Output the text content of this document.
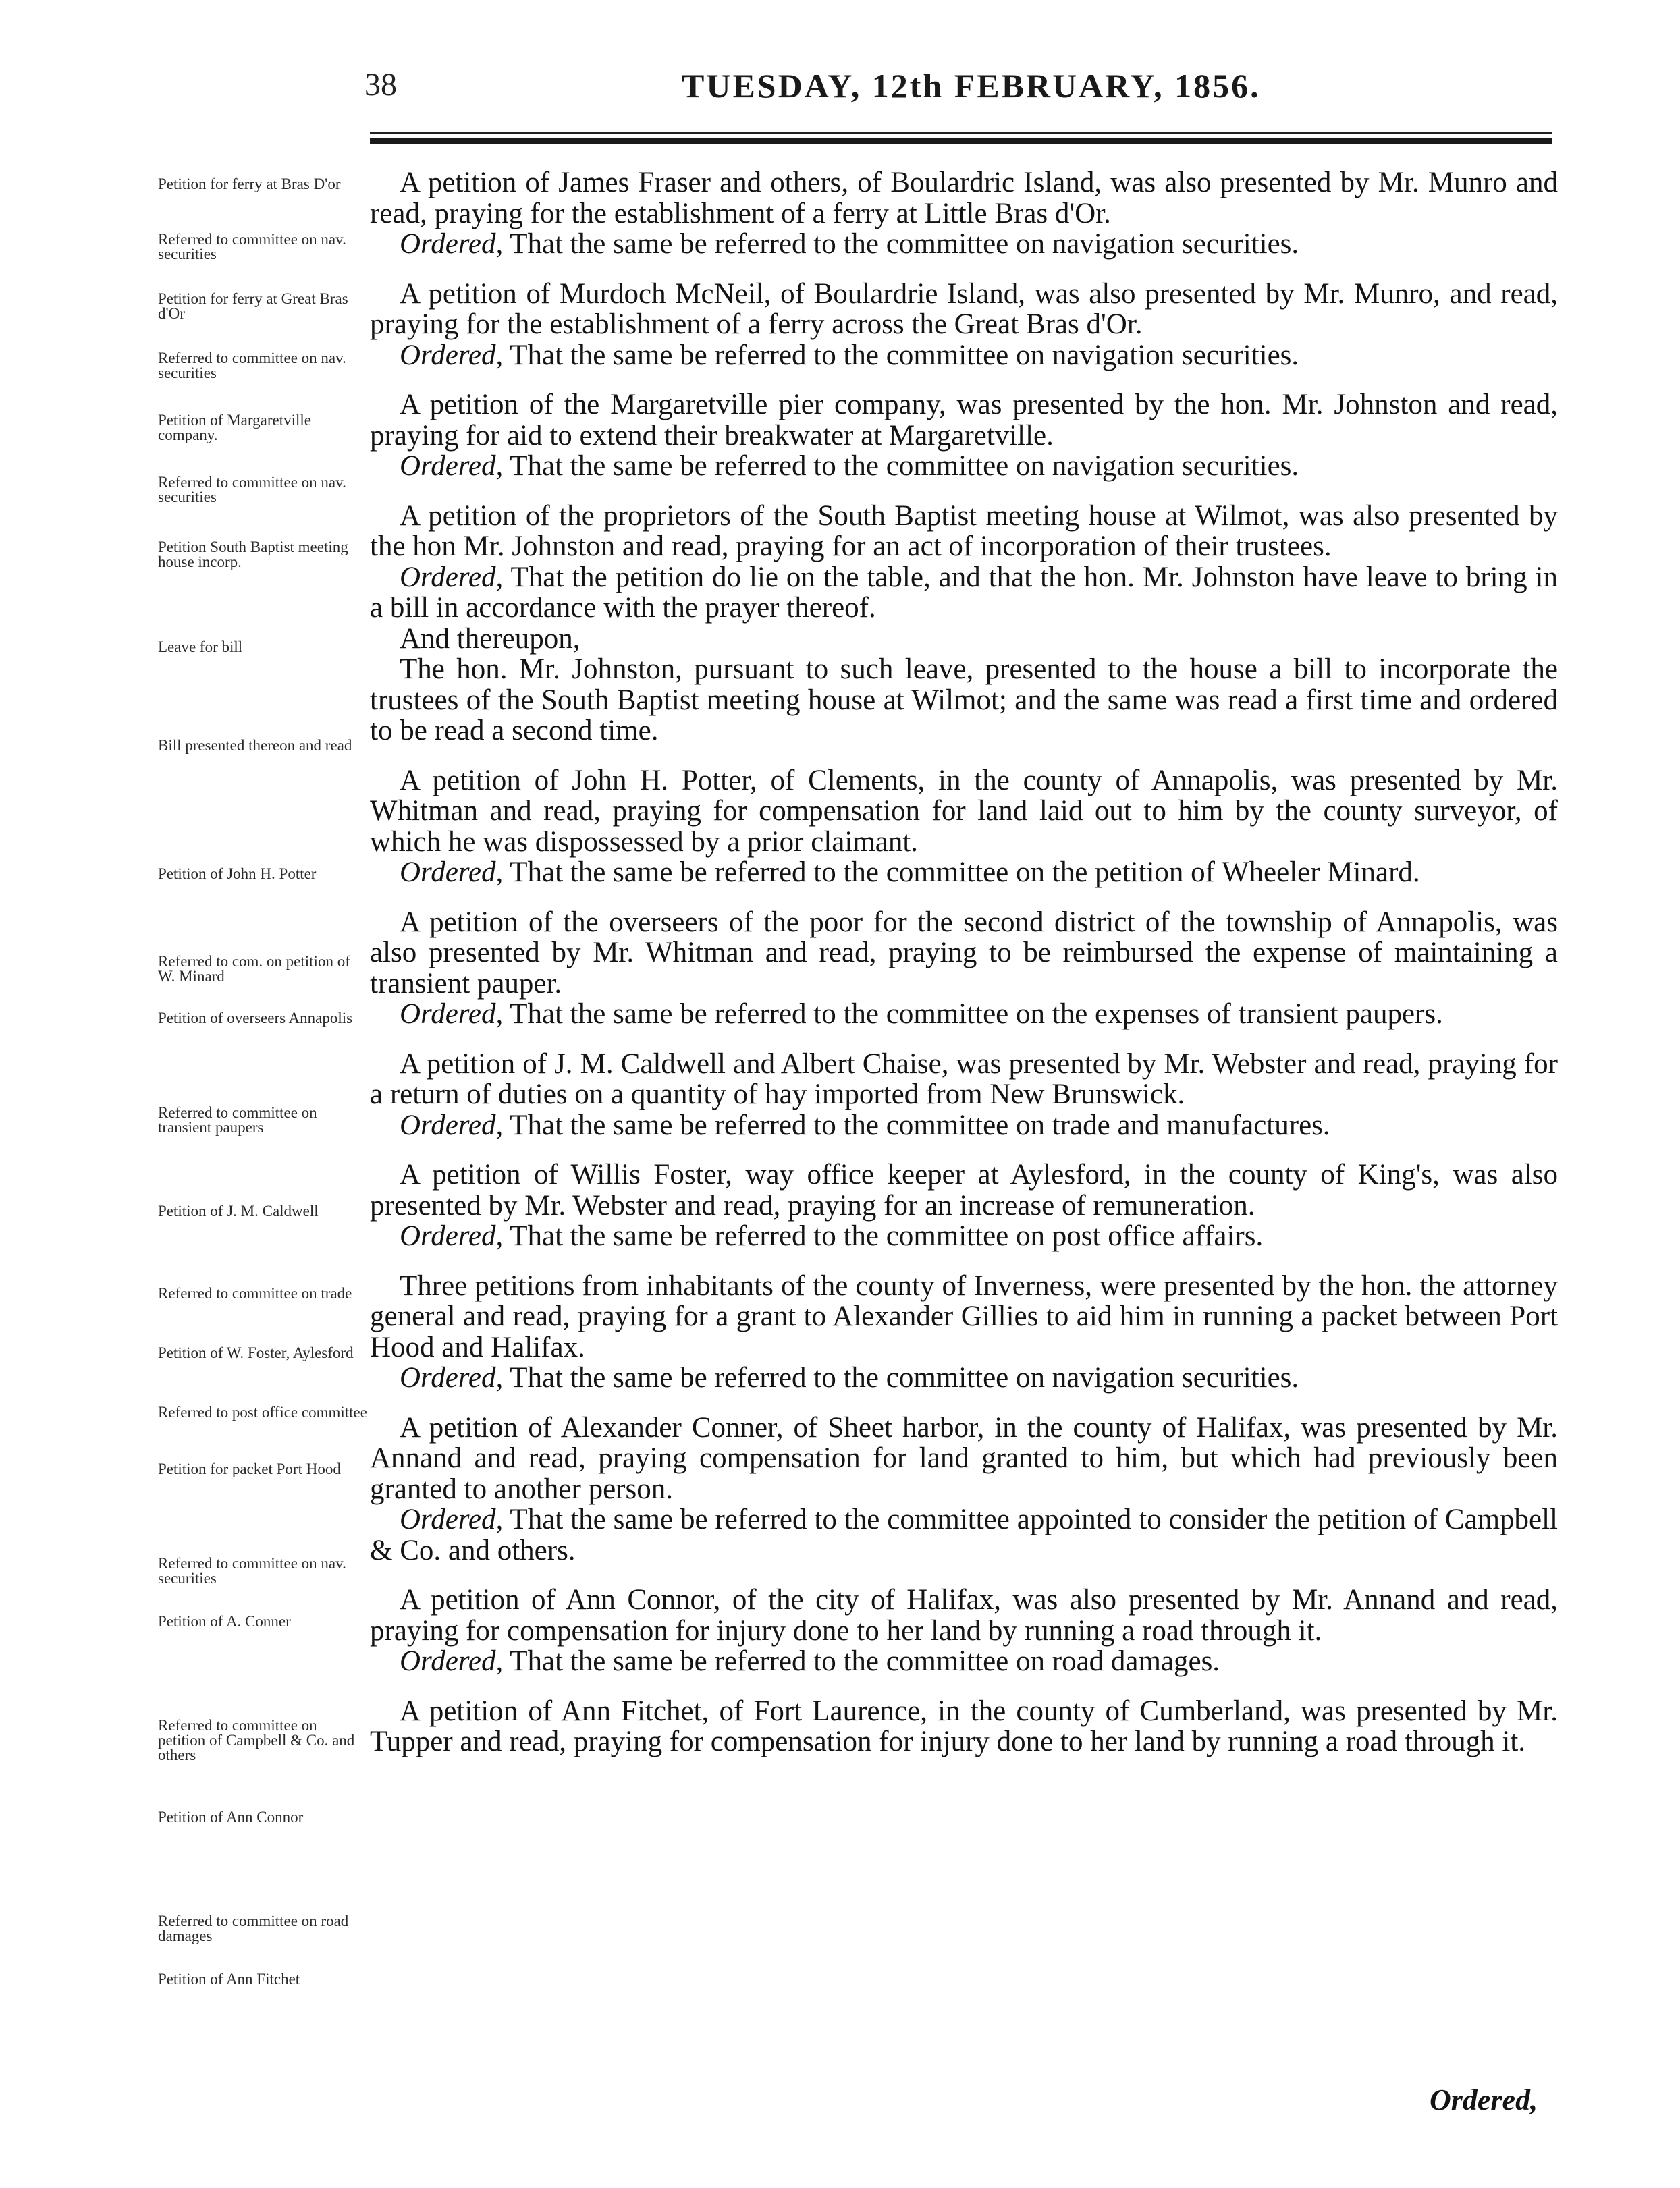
38	TUESDAY, 12th FEBRUARY, 1856.
Petition for ferry at Bras D'or
Referred to committee on nav. securities
Petition for ferry at Great Bras d'Or
Referred to committee on nav. securities
Petition of Margaretville company.
Referred to committee on nav. securities
Petition South Baptist meeting house incorp.
Leave for bill
Bill presented thereon and read
Petition of John H. Potter
Referred to com. on petition of W. Minard
Petition of overseers Annapolis
Referred to committee on transient paupers
Petition of J. M. Caldwell
Referred to committee on trade
Petition of W. Foster, Aylesford
Referred to post office committee
Petition for packet Port Hood
Referred to committee on nav. securities
Petition of A. Conner
Referred to committee on petition of Campbell & Co. and others
Petition of Ann Connor
Referred to committee on road damages
Petition of Ann Fitchet

A petition of James Fraser and others, of Boulardric Island, was also presented by Mr. Munro and read, praying for the establishment of a ferry at Little Bras d'Or.

Ordered, That the same be referred to the committee on navigation securities.

A petition of Murdoch McNeil, of Boulardrie Island, was also presented by Mr. Munro, and read, praying for the establishment of a ferry across the Great Bras d'Or.

Ordered, That the same be referred to the committee on navigation securities.

A petition of the Margaretville pier company, was presented by the hon. Mr. Johnston and read, praying for aid to extend their breakwater at Margaretville.

Ordered, That the same be referred to the committee on navigation securities.

A petition of the proprietors of the South Baptist meeting house at Wilmot, was also presented by the hon Mr. Johnston and read, praying for an act of incorporation of their trustees.

Ordered, That the petition do lie on the table, and that the hon. Mr. Johnston have leave to bring in a bill in accordance with the prayer thereof.

And thereupon,

The hon. Mr. Johnston, pursuant to such leave, presented to the house a bill to incorporate the trustees of the South Baptist meeting house at Wilmot; and the same was read a first time and ordered to be read a second time.

A petition of John H. Potter, of Clements, in the county of Annapolis, was presented by Mr. Whitman and read, praying for compensation for land laid out to him by the county surveyor, of which he was dispossessed by a prior claimant.

Ordered, That the same be referred to the committee on the petition of Wheeler Minard.

A petition of the overseers of the poor for the second district of the township of Annapolis, was also presented by Mr. Whitman and read, praying to be reimbursed the expense of maintaining a transient pauper.

Ordered, That the same be referred to the committee on the expenses of transient paupers.

A petition of J. M. Caldwell and Albert Chaise, was presented by Mr. Webster and read, praying for a return of duties on a quantity of hay imported from New Brunswick.

Ordered, That the same be referred to the committee on trade and manufactures.

A petition of Willis Foster, way office keeper at Aylesford, in the county of King's, was also presented by Mr. Webster and read, praying for an increase of remuneration.

Ordered, That the same be referred to the committee on post office affairs.

Three petitions from inhabitants of the county of Inverness, were presented by the hon. the attorney general and read, praying for a grant to Alexander Gillies to aid him in running a packet between Port Hood and Halifax.

Ordered, That the same be referred to the committee on navigation securities.

A petition of Alexander Conner, of Sheet harbor, in the county of Halifax, was presented by Mr. Annand and read, praying compensation for land granted to him, but which had previously been granted to another person.

Ordered, That the same be referred to the committee appointed to consider the petition of Campbell & Co. and others.

A petition of Ann Connor, of the city of Halifax, was also presented by Mr. Annand and read, praying for compensation for injury done to her land by running a road through it.

Ordered, That the same be referred to the committee on road damages.

A petition of Ann Fitchet, of Fort Laurence, in the county of Cumberland, was presented by Mr. Tupper and read, praying for compensation for injury done to her land by running a road through it.

Ordered,
